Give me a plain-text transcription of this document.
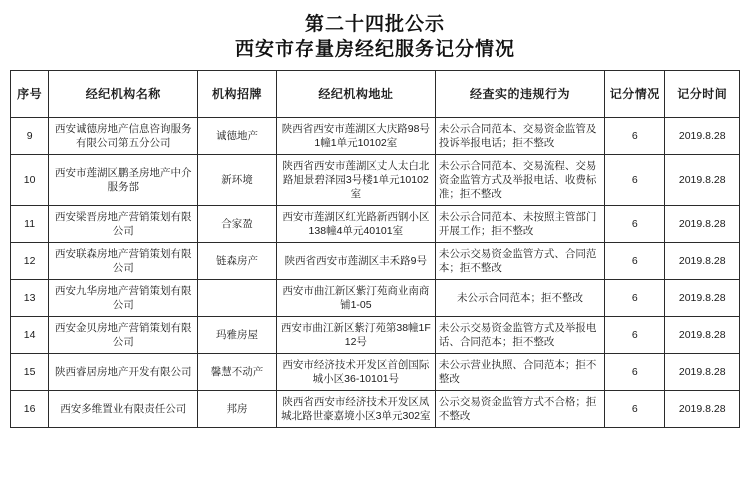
第二十四批公示
西安市存量房经纪服务记分情况
序号	经纪机构名称	机构招牌	经纪机构地址	经查实的违规行为	记分情况	记分时间
9	西安诚德房地产信息咨询服务有限公司第五分公司	诚德地产	陕西省西安市莲湖区大庆路98号1幢1单元10102室	未公示合同范本、交易资金监管及投诉举报电话；拒不整改	6	2019.8.28
10	西安市莲湖区鹏圣房地产中介服务部	新环境	陕西省西安市莲湖区丈人太白北路旭景碧泽园3号楼1单元10102室	未公示合同范本、交易流程、交易资金监管方式及举报电话、收费标准；拒不整改	6	2019.8.28
11	西安梁晋房地产营销策划有限公司	合家盈	西安市莲湖区红光路新西钢小区138幢4单元40101室	未公示合同范本、未按照主管部门开展工作；拒不整改	6	2019.8.28
12	西安联森房地产营销策划有限公司	链森房产	陕西省西安市莲湖区丰禾路9号	未公示交易资金监管方式、合同范本；拒不整改	6	2019.8.28
13	西安九华房地产营销策划有限公司		西安市曲江新区紫汀苑商业南商铺1-05	未公示合同范本；拒不整改	6	2019.8.28
14	西安金贝房地产营销策划有限公司	玛雅房屋	西安市曲江新区紫汀苑第38幢1F12号	未公示交易资金监管方式及举报电话、合同范本；拒不整改	6	2019.8.28
15	陕西睿居房地产开发有限公司	馨慧不动产	西安市经济技术开发区首创国际城小区36-10101号	未公示营业执照、合同范本；拒不整改	6	2019.8.28
16	西安多维置业有限责任公司	邦房	陕西省西安市经济技术开发区凤城北路世豪嘉境小区3单元302室	公示交易资金监管方式不合格；拒不整改	6	2019.8.28
